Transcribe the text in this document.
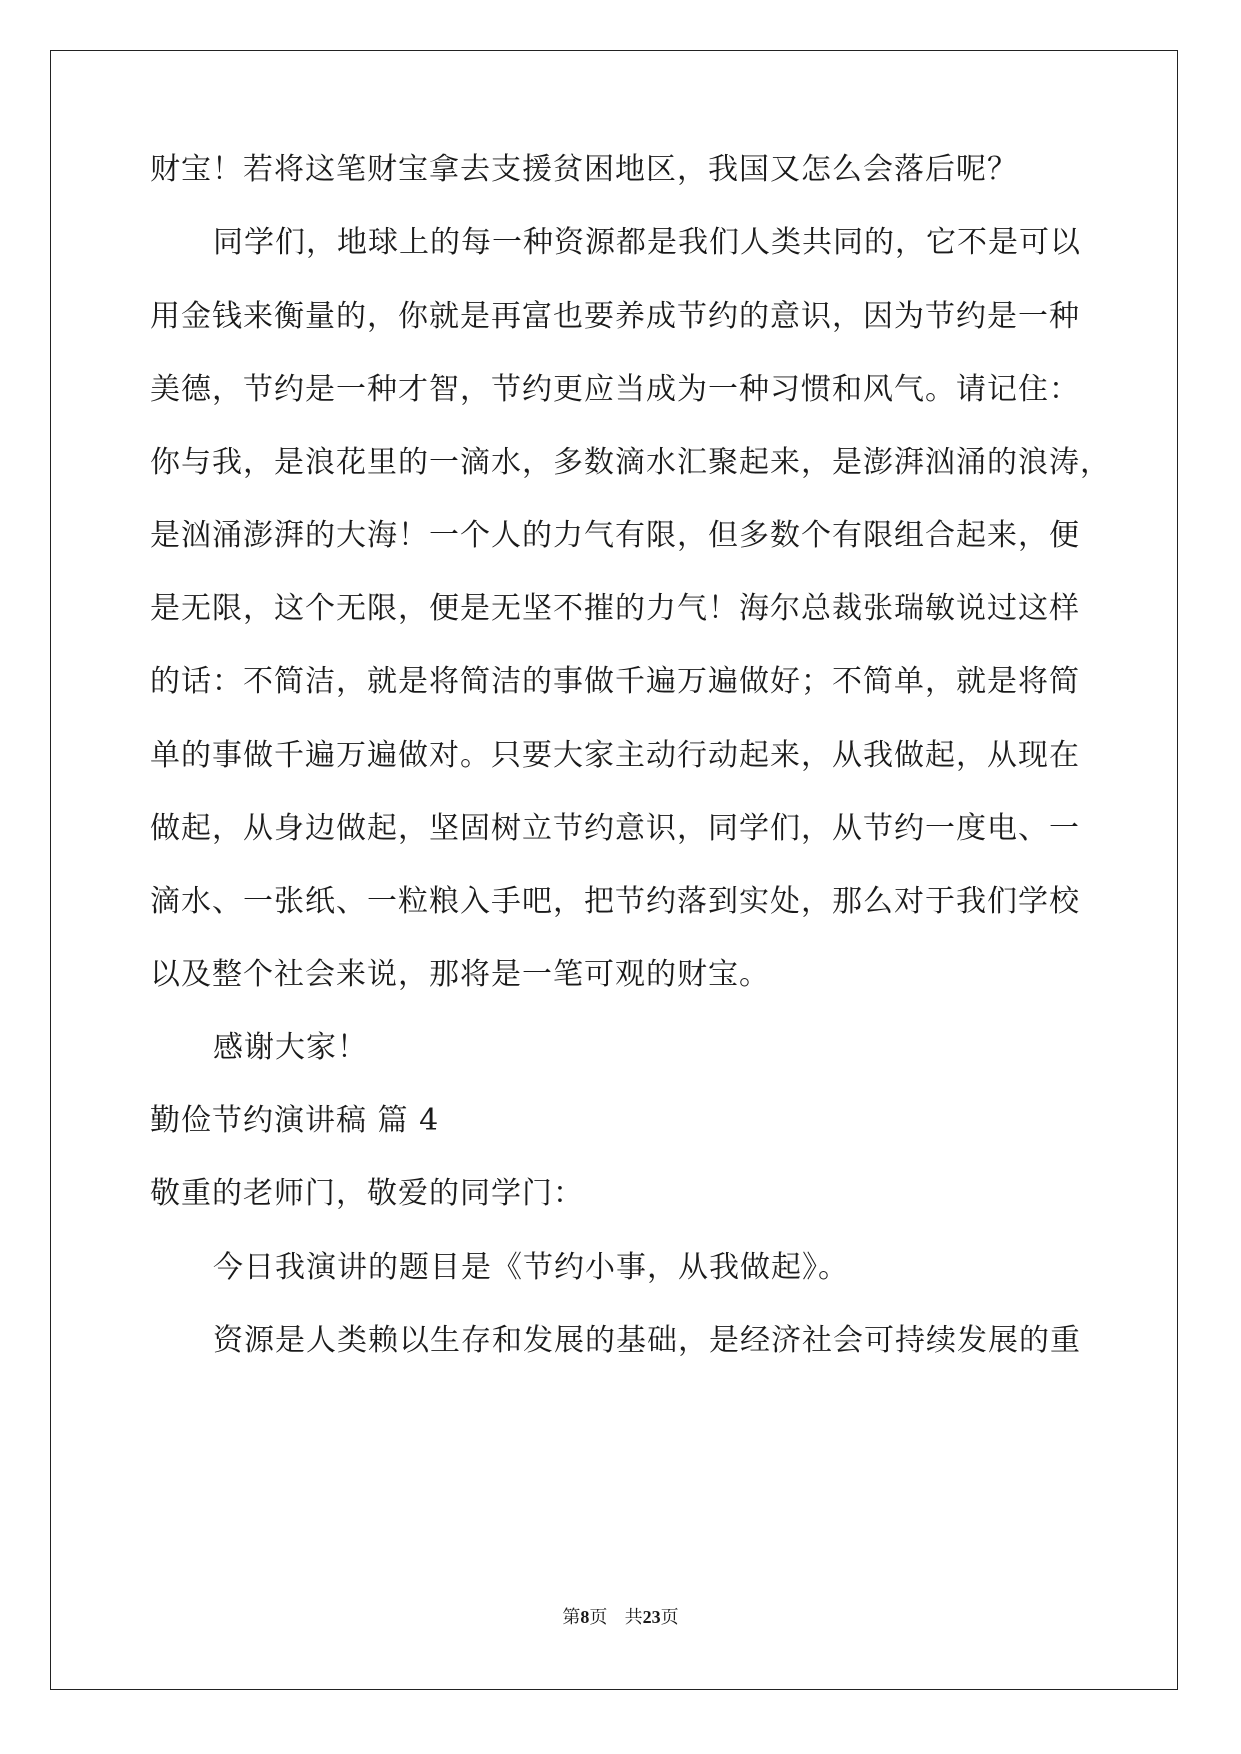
财宝！若将这笔财宝拿去支援贫困地区，我国又怎么会落后呢？
同学们，地球上的每一种资源都是我们人类共同的，它不是可以
用金钱来衡量的，你就是再富也要养成节约的意识，因为节约是一种
美德，节约是一种才智，节约更应当成为一种习惯和风气。请记住：
你与我，是浪花里的一滴水，多数滴水汇聚起来，是澎湃汹涌的浪涛，
是汹涌澎湃的大海！一个人的力气有限，但多数个有限组合起来，便
是无限，这个无限，便是无坚不摧的力气！海尔总裁张瑞敏说过这样
的话：不简洁，就是将简洁的事做千遍万遍做好；不简单，就是将简
单的事做千遍万遍做对。只要大家主动行动起来，从我做起，从现在
做起，从身边做起，坚固树立节约意识，同学们，从节约一度电、一
滴水、一张纸、一粒粮入手吧，把节约落到实处，那么对于我们学校
以及整个社会来说，那将是一笔可观的财宝。
感谢大家！
勤俭节约演讲稿 篇 4
敬重的老师门，敬爱的同学门：
今日我演讲的题目是《节约小事，从我做起》。
资源是人类赖以生存和发展的基础，是经济社会可持续发展的重
第8页 共23页
